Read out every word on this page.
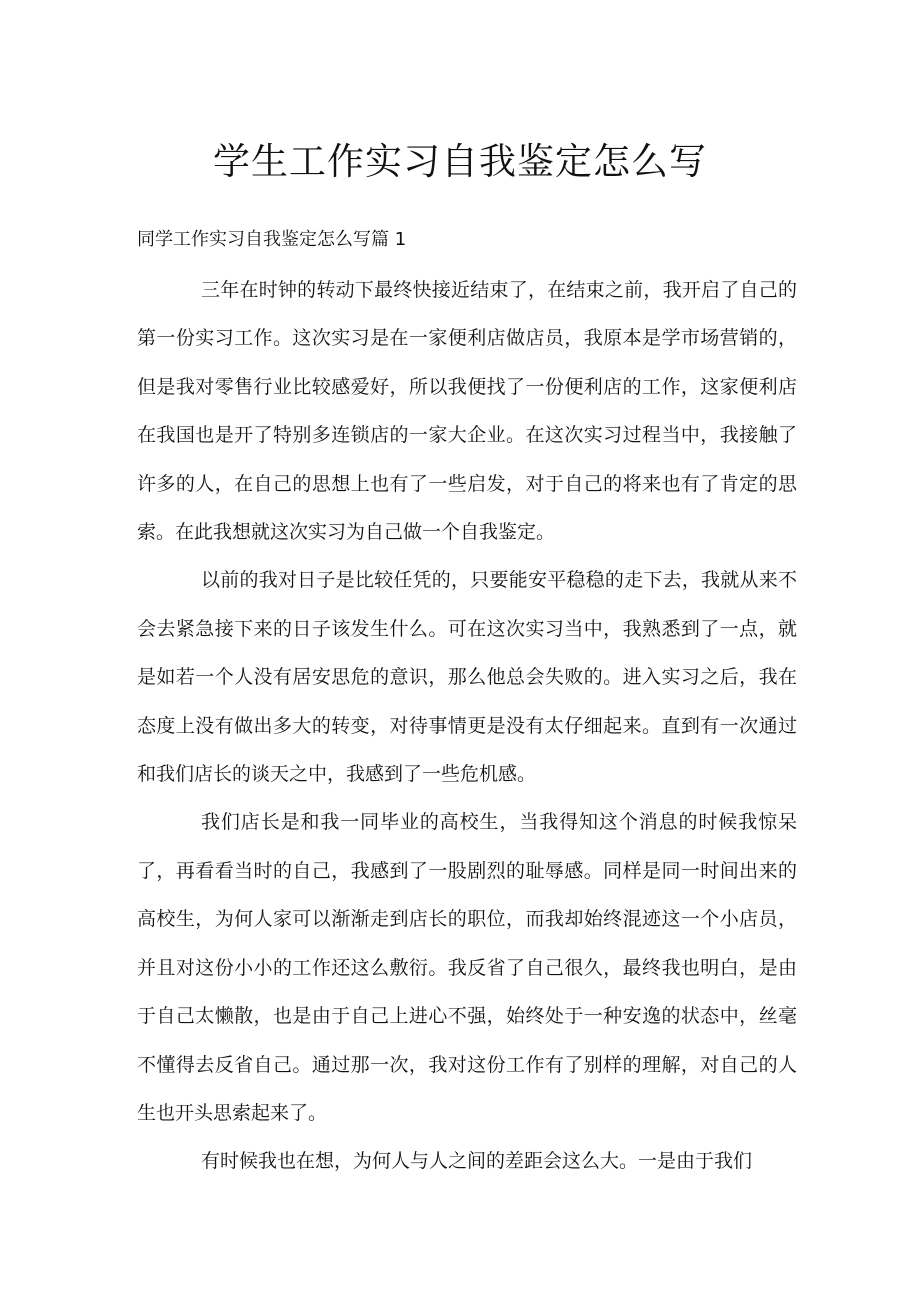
学生工作实习自我鉴定怎么写
同学工作实习自我鉴定怎么写篇 1

三年在时钟的转动下最终快接近结束了，在结束之前，我开启了自己的第一份实习工作。这次实习是在一家便利店做店员，我原本是学市场营销的，但是我对零售行业比较感爱好，所以我便找了一份便利店的工作，这家便利店在我国也是开了特别多连锁店的一家大企业。在这次实习过程当中，我接触了许多的人，在自己的思想上也有了一些启发，对于自己的将来也有了肯定的思索。在此我想就这次实习为自己做一个自我鉴定。

以前的我对日子是比较任凭的，只要能安平稳稳的走下去，我就从来不会去紧急接下来的日子该发生什么。可在这次实习当中，我熟悉到了一点，就是如若一个人没有居安思危的意识，那么他总会失败的。进入实习之后，我在态度上没有做出多大的转变，对待事情更是没有太仔细起来。直到有一次通过和我们店长的谈天之中，我感到了一些危机感。

我们店长是和我一同毕业的高校生，当我得知这个消息的时候我惊呆了，再看看当时的自己，我感到了一股剧烈的耻辱感。同样是同一时间出来的高校生，为何人家可以渐渐走到店长的职位，而我却始终混迹这一个小店员，并且对这份小小的工作还这么敷衍。我反省了自己很久，最终我也明白，是由于自己太懒散，也是由于自己上进心不强，始终处于一种安逸的状态中，丝毫不懂得去反省自己。通过那一次，我对这份工作有了别样的理解，对自己的人生也开头思索起来了。

有时候我也在想，为何人与人之间的差距会这么大。一是由于我们
